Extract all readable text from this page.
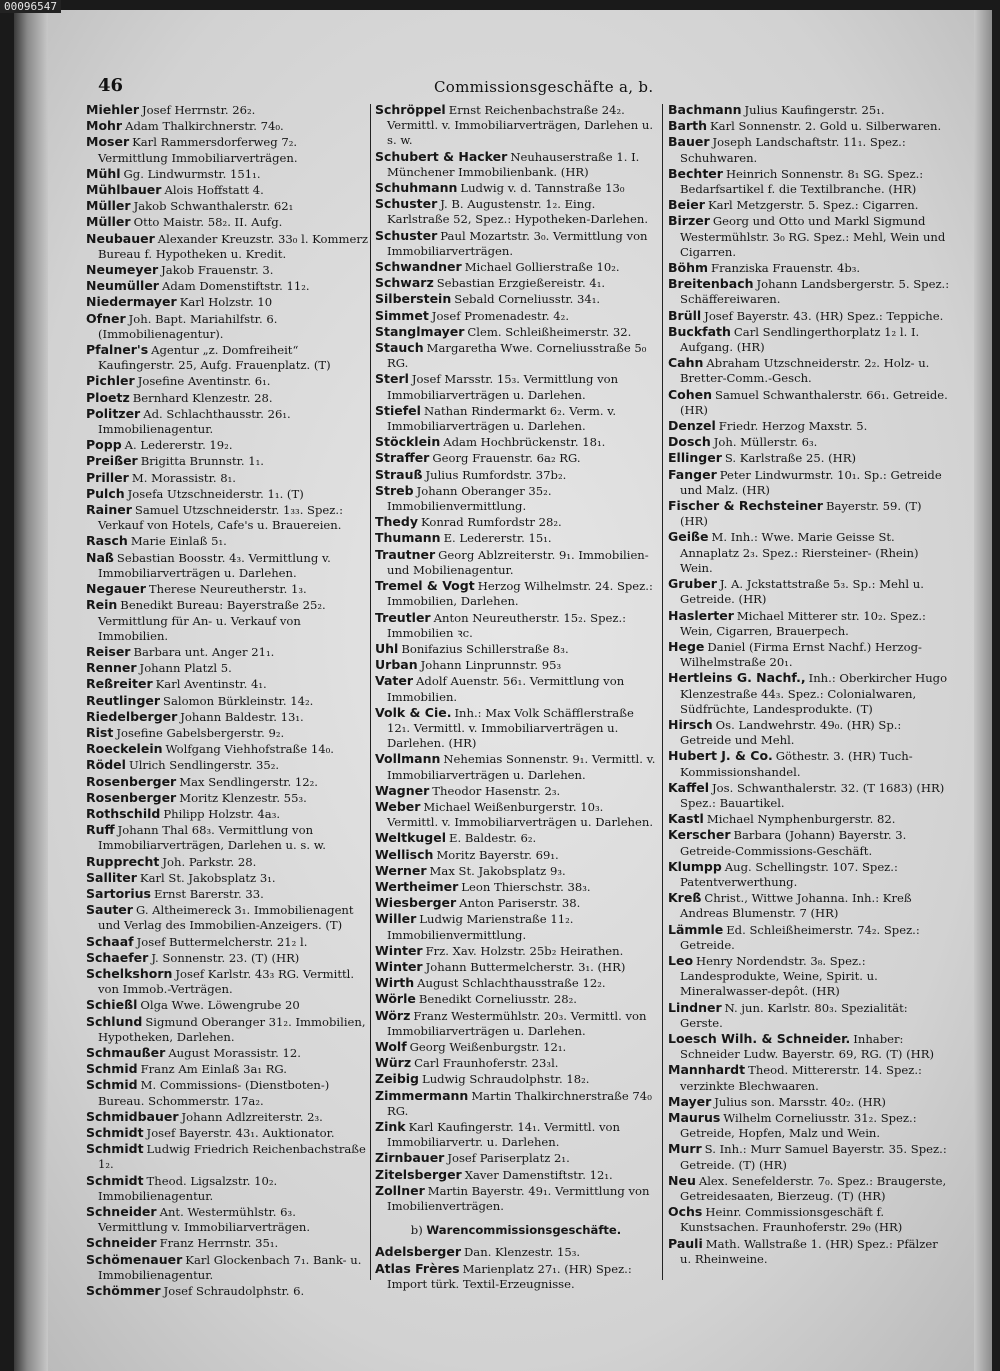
46	Commissionsgeschäfte a, b.

Miehler Josef Herrnstr. 26₂.

Mohr Adam Thalkirchnerstr. 74₀.

Moser Karl Rammersdorferweg 7₂. Vermittlung Immobiliarverträgen.

Mühl Gg. Lindwurmstr. 151₁.

Mühlbauer Alois Hoffstatt 4.

Müller Jakob Schwanthalerstr. 62₁

Müller Otto Maistr. 58₂. II. Aufg.

Neubauer Alexander Kreuzstr. 33₀ l. Kommerz Bureau f. Hypotheken u. Kredit.

Neumeyer Jakob Frauenstr. 3.

Neumüller Adam Domenstiftstr. 11₂.

Niedermayer Karl Holzstr. 10

Ofner Joh. Bapt. Mariahilfstr. 6. (Immobilienagentur).

Pfalner's Agentur „z. Domfreiheit“ Kaufingerstr. 25, Aufg. Frauenplatz. (T)

Pichler Josefine Aventinstr. 6₁.

Ploetz Bernhard Klenzestr. 28.

Politzer Ad. Schlachthausstr. 26₁. Immobilienagentur.

Popp A. Ledererstr. 19₂.

Preißer Brigitta Brunnstr. 1₁.

Priller M. Morassistr. 8₁.

Pulch Josefa Utzschneiderstr. 1₁. (T)

Rainer Samuel Utzschneiderstr. 1₃₃. Spez.: Verkauf von Hotels, Cafe's u. Brauereien.

Rasch Marie Einlaß 5₁.

Naß Sebastian Boosstr. 4₃. Vermittlung v. Immobiliarverträgen u. Darlehen.

Negauer Therese Neureutherstr. 1₃.

Rein Benedikt Bureau: Bayerstraße 25₂. Vermittlung für An- u. Verkauf von Immobilien.

Reiser Barbara unt. Anger 21₁.

Renner Johann Platzl 5.

Reßreiter Karl Aventinstr. 4₁.

Reutlinger Salomon Bürkleinstr. 14₂.

Riedelberger Johann Baldestr. 13₁.

Rist Josefine Gabelsbergerstr. 9₂.

Roeckelein Wolfgang Viehhofstraße 14₀.

Rödel Ulrich Sendlingerstr. 35₂.

Rosenberger Max Sendlingerstr. 12₂.

Rosenberger Moritz Klenzestr. 55₃.

Rothschild Philipp Holzstr. 4a₃.

Ruff Johann Thal 68₃. Vermittlung von Immobiliarverträgen, Darlehen u. s. w.

Rupprecht Joh. Parkstr. 28.

Salliter Karl St. Jakobsplatz 3₁.

Sartorius Ernst Barerstr. 33.

Sauter G. Altheimereck 3₁. Immobilienagent und Verlag des Immobilien-Anzeigers. (T)

Schaaf Josef Buttermelcherstr. 21₂ l.

Schaefer J. Sonnenstr. 23. (T) (HR)

Schelkshorn Josef Karlstr. 43₃ RG. Vermittl. von Immob.-Verträgen.

Schießl Olga Wwe. Löwengrube 20

Schlund Sigmund Oberanger 31₂. Immobilien, Hypotheken, Darlehen.

Schmaußer August Morassistr. 12.

Schmid Franz Am Einlaß 3a₁ RG.

Schmid M. Commissions- (Dienstboten-) Bureau. Schommerstr. 17a₂.

Schmidbauer Johann Adlzreiterstr. 2₃.

Schmidt Josef Bayerstr. 43₁. Auktionator.

Schmidt Ludwig Friedrich Reichenbachstraße 1₂.

Schmidt Theod. Ligsalzstr. 10₂. Immobilienagentur.

Schneider Ant. Westermühlstr. 6₃. Vermittlung v. Immobiliarverträgen.

Schneider Franz Herrnstr. 35₁.

Schömenauer Karl Glockenbach 7₁. Bank- u. Immobilienagentur.

Schömmer Josef Schraudolphstr. 6.

Schröppel Ernst Reichenbachstraße 24₂. Vermittl. v. Immobiliarverträgen, Darlehen u. s. w.

Schubert & Hacker Neuhauserstraße 1. I. Münchener Immobilienbank. (HR)

Schuhmann Ludwig v. d. Tannstraße 13₀

Schuster J. B. Augustenstr. 1₂. Eing. Karlstraße 52, Spez.: Hypotheken-Darlehen.

Schuster Paul Mozartstr. 3₀. Vermittlung von Immobiliarverträgen.

Schwandner Michael Gollierstraße 10₂.

Schwarz Sebastian Erzgießereistr. 4₁.

Silberstein Sebald Corneliusstr. 34₁.

Simmet Josef Promenadestr. 4₂.

Stanglmayer Clem. Schleißheimerstr. 32.

Stauch Margaretha Wwe. Corneliusstraße 5₀ RG.

Sterl Josef Marsstr. 15₃. Vermittlung von Immobiliarverträgen u. Darlehen.

Stiefel Nathan Rindermarkt 6₂. Verm. v. Immobiliarverträgen u. Darlehen.

Stöcklein Adam Hochbrückenstr. 18₁.

Straffer Georg Frauenstr. 6a₂ RG.

Strauß Julius Rumfordstr. 37b₂.

Streb Johann Oberanger 35₂. Immobilienvermittlung.

Thedy Konrad Rumfordstr 28₂.

Thumann E. Ledererstr. 15₁.

Trautner Georg Ablzreiterstr. 9₁. Immobilien- und Mobilienagentur.

Tremel & Vogt Herzog Wilhelmstr. 24. Spez.: Immobilien, Darlehen.

Treutler Anton Neureutherstr. 15₂. Spez.: Immobilien ꝛc.

Uhl Bonifazius Schillerstraße 8₃.

Urban Johann Linprunnstr. 95₃

Vater Adolf Auenstr. 56₁. Vermittlung von Immobilien.

Volk & Cie. Inh.: Max Volk Schäfflerstraße 12₁. Vermittl. v. Immobiliarverträgen u. Darlehen. (HR)

Vollmann Nehemias Sonnenstr. 9₁. Vermittl. v. Immobiliarverträgen u. Darlehen.

Wagner Theodor Hasenstr. 2₃.

Weber Michael Weißenburgerstr. 10₃. Vermittl. v. Immobiliarverträgen u. Darlehen.

Weltkugel E. Baldestr. 6₂.

Wellisch Moritz Bayerstr. 69₁.

Werner Max St. Jakobsplatz 9₃.

Wertheimer Leon Thierschstr. 38₃.

Wiesberger Anton Pariserstr. 38.

Willer Ludwig Marienstraße 11₂. Immobilienvermittlung.

Winter Frz. Xav. Holzstr. 25b₂ Heirathen.

Winter Johann Buttermelcherstr. 3₁. (HR)

Wirth August Schlachthausstraße 12₂.

Wörle Benedikt Corneliusstr. 28₂.

Wörz Franz Westermühlstr. 20₃. Vermittl. von Immobiliarverträgen u. Darlehen.

Wolf Georg Weißenburgstr. 12₁.

Würz Carl Fraunhoferstr. 23₃l.

Zeibig Ludwig Schraudolphstr. 18₂.

Zimmermann Martin Thalkirchnerstraße 74₀ RG.

Zink Karl Kaufingerstr. 14₁. Vermittl. von Immobiliarvertr. u. Darlehen.

Zirnbauer Josef Pariserplatz 2₁.

Zitelsberger Xaver Damenstiftstr. 12₁.

Zollner Martin Bayerstr. 49₁. Vermittlung von Imobilienverträgen.

b) Warencommissionsgeschäfte.

Adelsberger Dan. Klenzestr. 15₃.

Atlas Frères Marienplatz 27₁. (HR) Spez.: Import türk. Textil-Erzeugnisse.

Bachmann Julius Kaufingerstr. 25₁.

Barth Karl Sonnenstr. 2. Gold u. Silberwaren.

Bauer Joseph Landschaftstr. 11₁. Spez.: Schuhwaren.

Bechter Heinrich Sonnenstr. 8₁ SG. Spez.: Bedarfsartikel f. die Textilbranche. (HR)

Beier Karl Metzgerstr. 5. Spez.: Cigarren.

Birzer Georg und Otto und Markl Sigmund Westermühlstr. 3₀ RG. Spez.: Mehl, Wein und Cigarren.

Böhm Franziska Frauenstr. 4b₃.

Breitenbach Johann Landsbergerstr. 5. Spez.: Schäffereiwaren.

Brüll Josef Bayerstr. 43. (HR) Spez.: Teppiche.

Buckfath Carl Sendlingerthorplatz 1₂ l. I. Aufgang. (HR)

Cahn Abraham Utzschneiderstr. 2₂. Holz- u. Bretter-Comm.-Gesch.

Cohen Samuel Schwanthalerstr. 66₁. Getreide. (HR)

Denzel Friedr. Herzog Maxstr. 5.

Dosch Joh. Müllerstr. 6₃.

Ellinger S. Karlstraße 25. (HR)

Fanger Peter Lindwurmstr. 10₁. Sp.: Getreide und Malz. (HR)

Fischer & Rechsteiner Bayerstr. 59. (T) (HR)

Geiße M. Inh.: Wwe. Marie Geisse St. Annaplatz 2₃. Spez.: Riersteiner- (Rhein) Wein.

Gruber J. A. Jckstattstraße 5₃. Sp.: Mehl u. Getreide. (HR)

Haslerter Michael Mitterer str. 10₂. Spez.: Wein, Cigarren, Brauerpech.

Hege Daniel (Firma Ernst Nachf.) Herzog-Wilhelmstraße 20₁.

Hertleins G. Nachf., Inh.: Oberkircher Hugo Klenzestraße 44₃. Spez.: Colonialwaren, Südfrüchte, Landesprodukte. (T)

Hirsch Os. Landwehrstr. 49₀. (HR) Sp.: Getreide und Mehl.

Hubert J. & Co. Göthestr. 3. (HR) Tuch-Kommissionshandel.

Kaffel Jos. Schwanthalerstr. 32. (T 1683) (HR) Spez.: Bauartikel.

Kastl Michael Nymphenburgerstr. 82.

Kerscher Barbara (Johann) Bayerstr. 3. Getreide-Commissions-Geschäft.

Klumpp Aug. Schellingstr. 107. Spez.: Patentverwerthung.

Kreß Christ., Wittwe Johanna. Inh.: Kreß Andreas Blumenstr. 7 (HR)

Lämmle Ed. Schleißheimerstr. 74₂. Spez.: Getreide.

Leo Henry Nordendstr. 3₈. Spez.: Landesprodukte, Weine, Spirit. u. Mineralwasser-depôt. (HR)

Lindner N. jun. Karlstr. 80₃. Spezialität: Gerste.

Loesch Wilh. & Schneider. Inhaber: Schneider Ludw. Bayerstr. 69, RG. (T) (HR)

Mannhardt Theod. Mittererstr. 14. Spez.: verzinkte Blechwaaren.

Mayer Julius son. Marsstr. 40₂. (HR)

Maurus Wilhelm Corneliusstr. 31₂. Spez.: Getreide, Hopfen, Malz und Wein.

Murr S. Inh.: Murr Samuel Bayerstr. 35. Spez.: Getreide. (T) (HR)

Neu Alex. Senefelderstr. 7₀. Spez.: Braugerste, Getreidesaaten, Bierzeug. (T) (HR)

Ochs Heinr. Commissionsgeschäft f. Kunstsachen. Fraunhoferstr. 29₀ (HR)

Pauli Math. Wallstraße 1. (HR) Spez.: Pfälzer u. Rheinweine.

00096547
